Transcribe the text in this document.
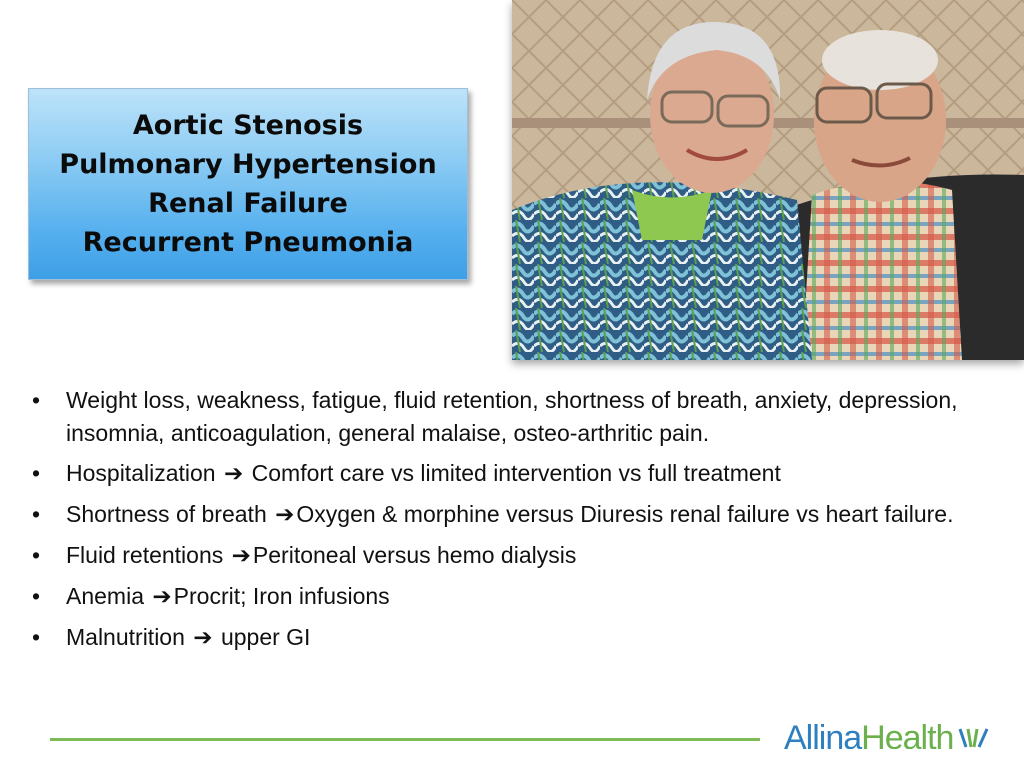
Aortic Stenosis
Pulmonary Hypertension
Renal Failure
Recurrent Pneumonia
• Weight loss, weakness, fatigue, fluid retention, shortness of breath, anxiety, depression, insomnia, anticoagulation, general malaise, osteo-arthritic pain.
• Hospitalization ➔ Comfort care vs limited intervention vs full treatment
• Shortness of breath ➔Oxygen & morphine versus Diuresis renal failure vs heart failure.
• Fluid retentions ➔Peritoneal versus hemo dialysis
• Anemia ➔Procrit; Iron infusions
• Malnutrition ➔ upper GI
Allina Health
